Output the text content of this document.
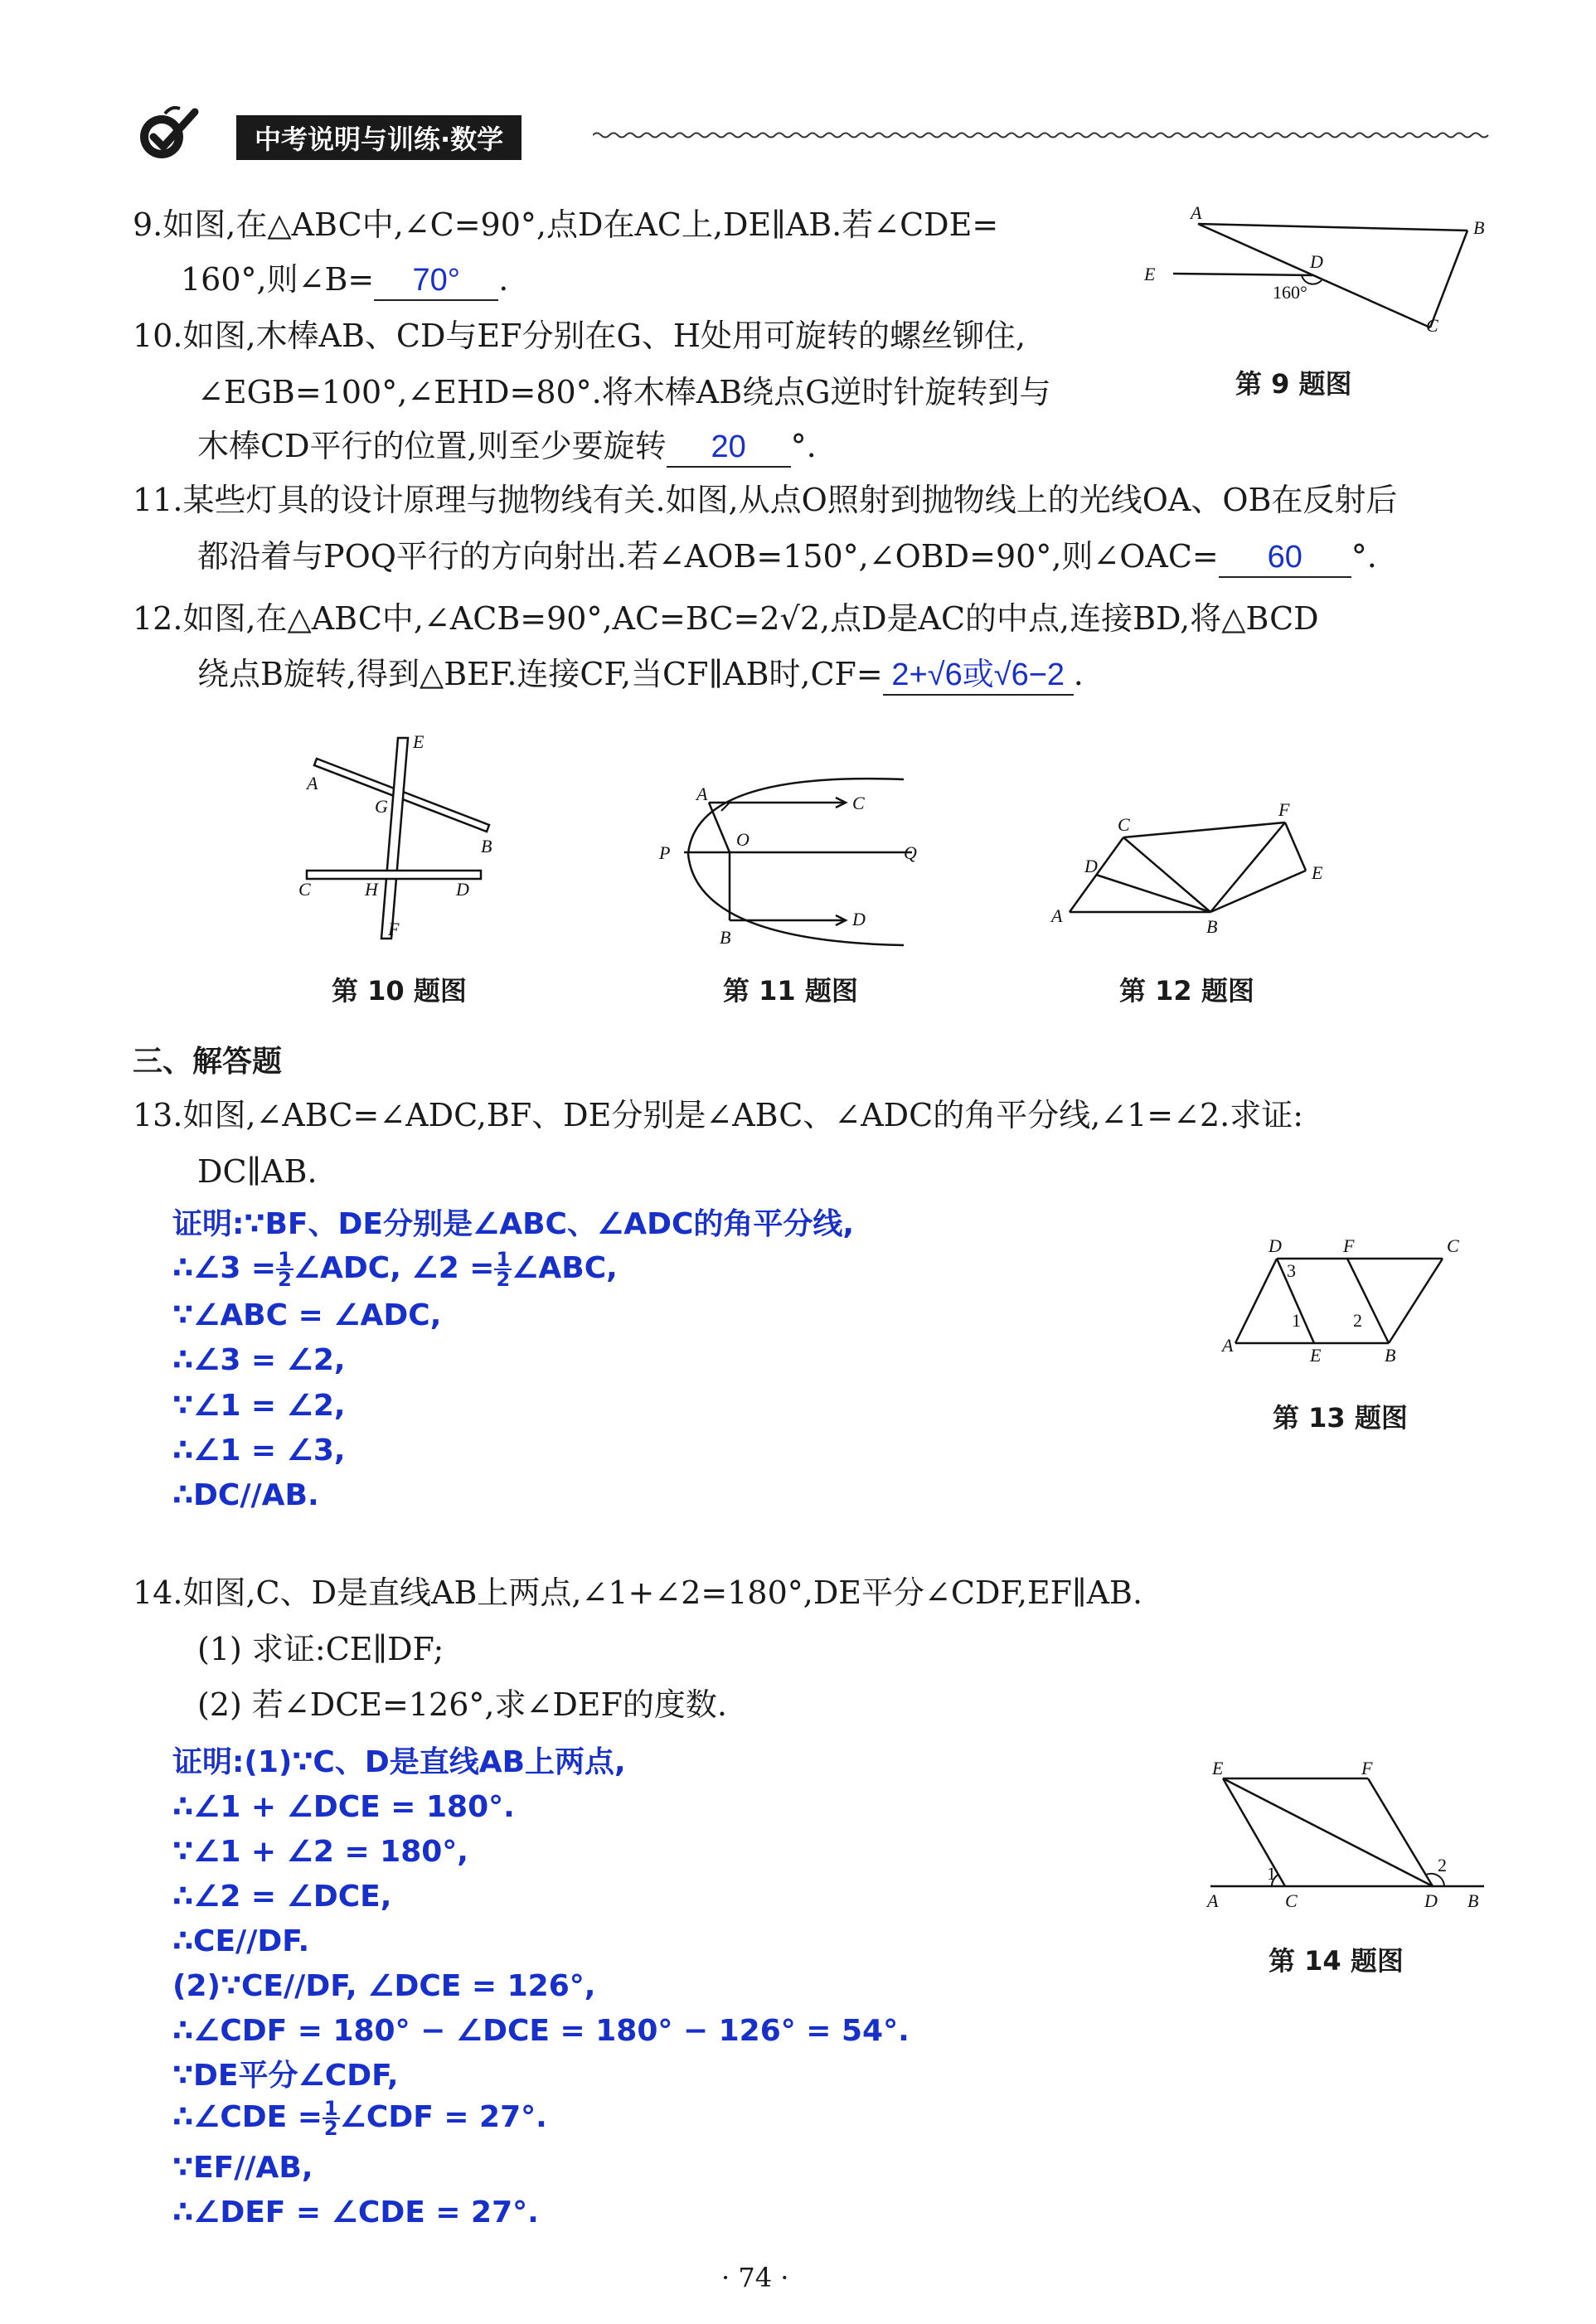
中考说明与训练·数学
9.如图,在△ABC中,∠C=90°,点D在AC上,DE∥AB.若∠CDE=
160°,则∠B= 70° .
A
B
C
D
E
160°
第 9 题图
10.如图,木棒AB、CD与EF分别在G、H处用可旋转的螺丝铆住,
∠EGB=100°,∠EHD=80°.将木棒AB绕点G逆时针旋转到与
木棒CD平行的位置,则至少要旋转 20 °.
11.某些灯具的设计原理与抛物线有关.如图,从点O照射到抛物线上的光线OA、OB在反射后
都沿着与POQ平行的方向射出.若∠AOB=150°,∠OBD=90°,则∠OAC= 60 °.
12.如图,在△ABC中,∠ACB=90°,AC=BC=2√2,点D是AC的中点,连接BD,将△BCD
绕点B旋转,得到△BEF.连接CF,当CF∥AB时,CF= 2+√6或√6−2 .
A
B
G
E
C	H	D
F
第 10 题图
A	C
P
O
Q
B
D
第 11 题图
A
B
C
D	E
F
第 12 题图
三、解答题
13.如图,∠ABC=∠ADC,BF、DE分别是∠ABC、∠ADC的角平分线,∠1=∠2.求证:
DC∥AB.
证明:∵BF、DE分别是∠ABC、∠ADC的角平分线,
∴∠3 = $\frac{1}{2}$ ∠ADC, ∠2 = $\frac{1}{2}$ ∠ABC,
∵∠ABC = ∠ADC,
∴∠3 = ∠2,
∵∠1 = ∠2,
∴∠1 = ∠3,
∴DC//AB.
A	E	B
C
D	F
1	2
3
第 13 题图
14.如图,C、D是直线AB上两点,∠1+∠2=180°,DE平分∠CDF,EF∥AB.
(1) 求证:CE∥DF;
(2) 若∠DCE=126°,求∠DEF的度数.
证明:(1)∵C、D是直线AB上两点,
∴∠1 + ∠DCE = 180°.
∵∠1 + ∠2 = 180°,
∴∠2 = ∠DCE,
∴CE//DF.
(2)∵CE//DF, ∠DCE = 126°,
∴∠CDF = 180° − ∠DCE = 180° − 126° = 54°.
∵DE平分∠CDF,
∴∠CDE = $\frac{1}{2}$ ∠CDF = 27°.
∵EF//AB,
∴∠DEF = ∠CDE = 27°.
E	F
A	C	D B
1	2
第 14 题图
· 74 ·
